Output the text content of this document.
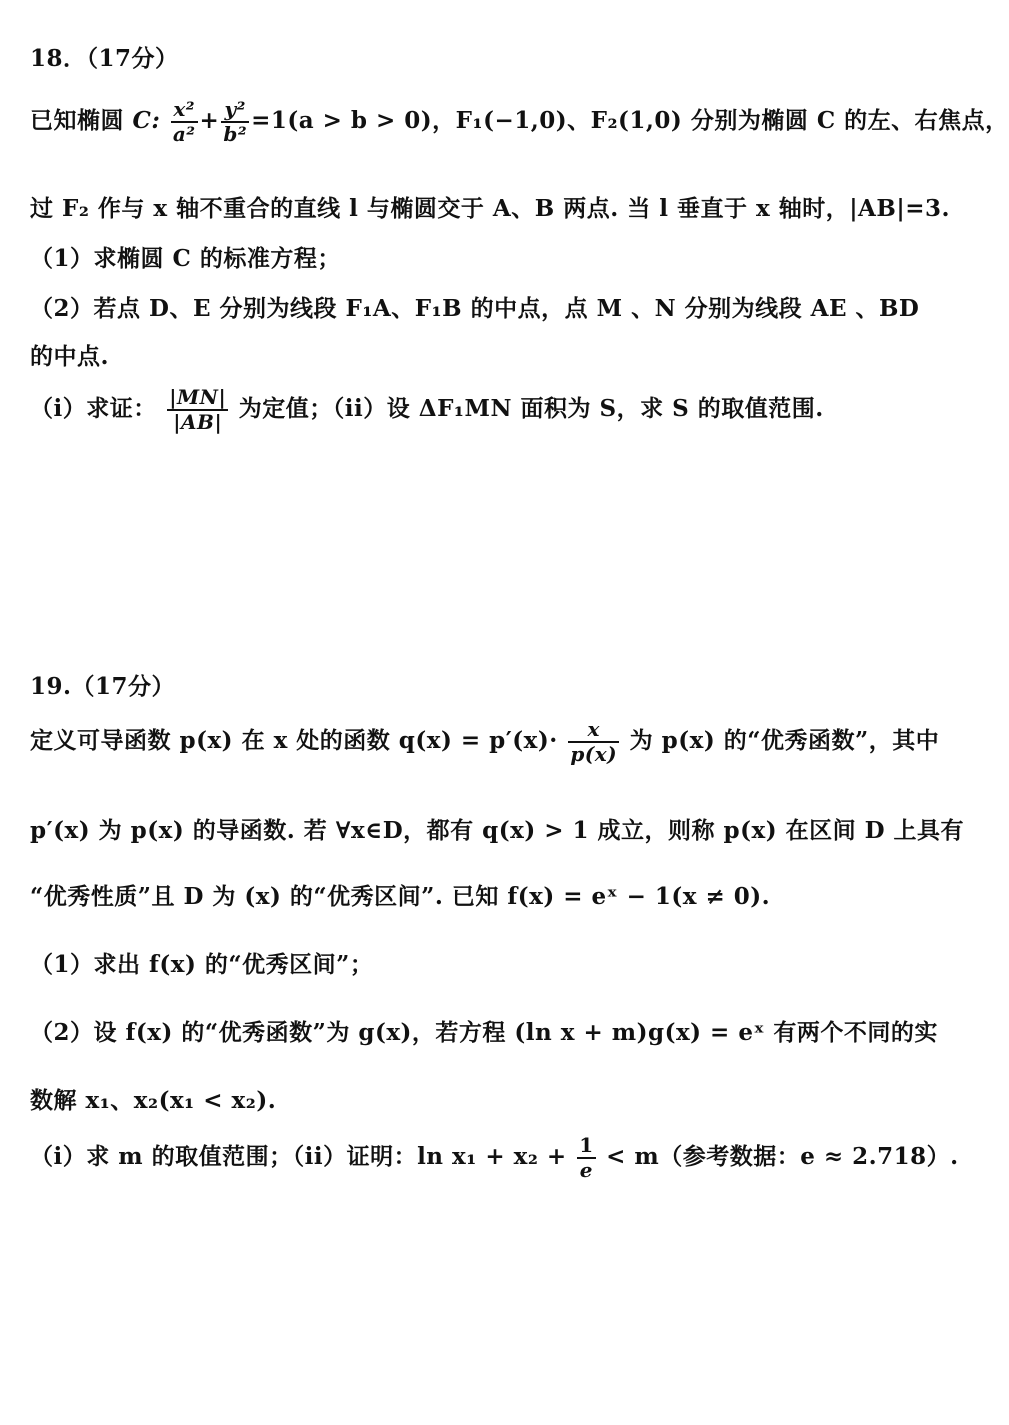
18．（17分）
已知椭圆 C: $\frac{\text{x²}}{\text{a²}} + \frac{\text{y²}}{\text{b²}} =1(a > b > 0)$，F₁(−1,0)、F₂(1,0) 分别为椭圆 C 的左、右焦点，
过 F₂ 作与 x 轴不重合的直线 l 与椭圆交于 A、B 两点. 当 l 垂直于 x 轴时，|AB|=3.
（1）求椭圆 C 的标准方程；
（2）若点 D、E 分别为线段 F₁A、F₁B 的中点，点 M 、N 分别为线段 AE 、BD
的中点.
（i）求证： $\frac{|MN|}{|AB|}$ 为定值；（ii）设 ΔF₁MN 面积为 S，求 S 的取值范围.
19.（17分）
定义可导函数 p(x) 在 x 处的函数 $q(x) = p'(x)\cdot \frac{x}{p(x)}$ 为 p(x) 的“优秀函数”，其中
p′(x) 为 p(x) 的导函数. 若 ∀x∈D，都有 q(x) > 1 成立，则称 p(x) 在区间 D 上具有
“优秀性质”且 D 为 (x) 的“优秀区间”. 已知 f(x) = eˣ − 1(x ≠ 0).
（1）求出 f(x) 的“优秀区间”；
（2）设 f(x) 的“优秀函数”为 g(x)，若方程 (ln x + m)g(x) = eˣ 有两个不同的实
数解 x₁、x₂(x₁ < x₂).
（i）求 m 的取值范围；（ii）证明：$\ln x_1 + x_2 + \frac{1}{e} < m$（参考数据：e ≈ 2.718）.
